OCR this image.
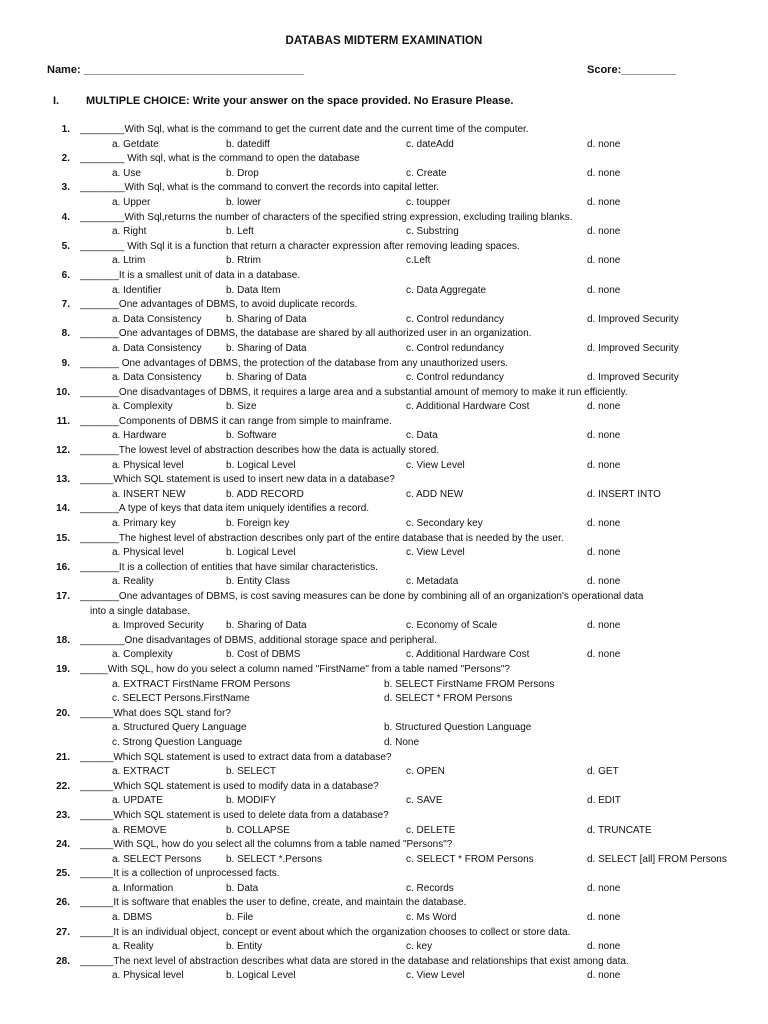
DATABAS MIDTERM EXAMINATION
Name: ____________________________________	Score:_________
I. MULTIPLE CHOICE: Write your answer on the space provided. No Erasure Please.
1.	________With Sql, what is the command to get the current date and the current time of the computer.
a. Getdate	b. datediff	c. dateAdd	d. none
2.	________ With sql, what is the command to open the database
a. Use	b. Drop	c. Create	d. none
3.	________With Sql, what is the command to convert the records into capital letter.
a. Upper	b. lower	c. toupper	d. none
4.	________With Sql,returns the number of characters of the specified string expression, excluding trailing blanks.
a. Right	b. Left	c. Substring	d. none
5.	________ With Sql it is a function that return a character expression after removing leading spaces.
a. Ltrim	b. Rtrim	c.Left	d. none
6.	_______It is a smallest unit of data in a database.
a. Identifier	b. Data Item	c. Data Aggregate	d. none
7.	_______One advantages of DBMS, to avoid duplicate records.
a. Data Consistency b. Sharing of Data	c. Control redundancy	d. Improved Security
8.	_______One advantages of DBMS, the database are shared by all authorized user in an organization.
a. Data Consistency b. Sharing of Data	c. Control redundancy	d. Improved Security
9.	_______ One advantages of DBMS, the protection of the database from any unauthorized users.
a. Data Consistency b. Sharing of Data	c. Control redundancy	d. Improved Security
10.	_______One disadvantages of DBMS, it requires a large area and a substantial amount of memory to make it run efficiently.
a. Complexity	b. Size	c. Additional Hardware Cost	d. none
11.	_______Components of DBMS it can range from simple to mainframe.
a. Hardware	b. Software	c. Data	d. none
12.	_______The lowest level of abstraction describes how the data is actually stored.
a. Physical level	b. Logical Level	c. View Level	d. none
13.	______Which SQL statement is used to insert new data in a database?
a. INSERT NEW	b. ADD RECORD	c. ADD NEW	d. INSERT INTO
14.	_______A type of keys that data item uniquely identifies a record.
a. Primary key	b. Foreign key	c. Secondary key	d. none
15.	_______The highest level of abstraction describes only part of the entire database that is needed by the user.
a. Physical level	b. Logical Level	c. View Level	d. none
16.	_______It is a collection of entities that have similar characteristics.
a. Reality	b. Entity Class	c. Metadata	d. none
17.	_______One advantages of DBMS, is cost saving measures can be done by combining all of an organization's operational data
into a single database.
a. Improved Security b. Sharing of Data	c. Economy of Scale	d. none
18.	________One disadvantages of DBMS, additional storage space and peripheral.
a. Complexity	b. Cost of DBMS	c. Additional Hardware Cost	d. none
19.	_____With SQL, how do you select a column named "FirstName" from a table named "Persons"?
a. EXTRACT FirstName FROM Persons	b. SELECT FirstName FROM Persons
c. SELECT Persons.FirstName	d. SELECT * FROM Persons
20.	______What does SQL stand for?
a. Structured Query Language	b. Structured Question Language
c. Strong Question Language	d. None
21.	______Which SQL statement is used to extract data from a database?
a. EXTRACT	b. SELECT	c. OPEN	d. GET
22.	______Which SQL statement is used to modify data in a database?
a. UPDATE	b. MODIFY	c. SAVE	d. EDIT
23.	______Which SQL statement is used to delete data from a database?
a. REMOVE	b. COLLAPSE	c. DELETE	d. TRUNCATE
24.	______With SQL, how do you select all the columns from a table named "Persons"?
a. SELECT Persons b. SELECT *.Persons	c. SELECT * FROM Persons	d. SELECT [all] FROM Persons
25.	______It is a collection of unprocessed facts.
a. Information	b. Data	c. Records	d. none
26.	______It is software that enables the user to define, create, and maintain the database.
a. DBMS	b. File	c. Ms Word	d. none
27.	______It is an individual object, concept or event about which the organization chooses to collect or store data.
a. Reality	b. Entity	c. key	d. none
28.	______The next level of abstraction describes what data are stored in the database and relationships that exist among data.
a. Physical level	b. Logical Level	c. View Level	d. none
